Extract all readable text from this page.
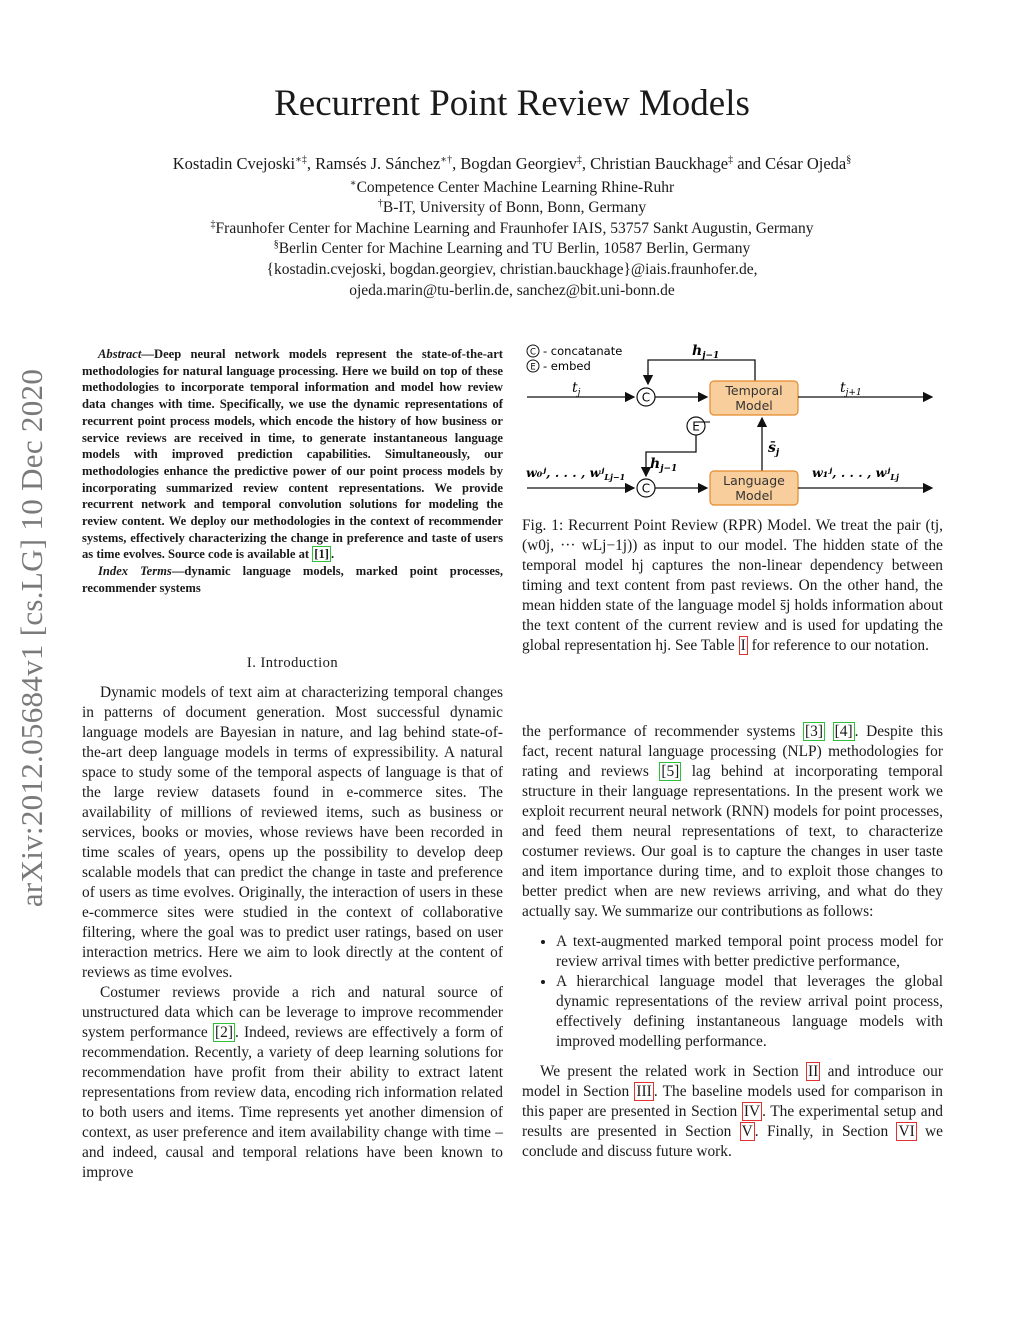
arXiv:2012.05684v1 [cs.LG] 10 Dec 2020
Recurrent Point Review Models
Kostadin Cvejoski∗‡, Ramsés J. Sánchez∗†, Bogdan Georgiev‡, Christian Bauckhage‡ and César Ojeda§
∗Competence Center Machine Learning Rhine-Ruhr
†B-IT, University of Bonn, Bonn, Germany
‡Fraunhofer Center for Machine Learning and Fraunhofer IAIS, 53757 Sankt Augustin, Germany
§Berlin Center for Machine Learning and TU Berlin, 10587 Berlin, Germany
{kostadin.cvejoski, bogdan.georgiev, christian.bauckhage}@iais.fraunhofer.de,
ojeda.marin@tu-berlin.de, sanchez@bit.uni-bonn.de

Abstract—Deep neural network models represent the state-of-the-art methodologies for natural language processing. Here we build on top of these methodologies to incorporate temporal information and model how review data changes with time. Specifically, we use the dynamic representations of recurrent point process models, which encode the history of how business or service reviews are received in time, to generate instantaneous language models with improved prediction capabilities. Simultaneously, our methodologies enhance the predictive power of our point process models by incorporating summarized review content representations. We provide recurrent network and temporal convolution solutions for modeling the review content. We deploy our methodologies in the context of recommender systems, effectively characterizing the change in preference and taste of users as time evolves. Source code is available at [1] .

Index Terms—dynamic language models, marked point processes, recommender systems

I. Introduction

Dynamic models of text aim at characterizing temporal changes in patterns of document generation. Most successful dynamic language models are Bayesian in nature, and lag behind state-of-the-art deep language models in terms of expressibility. A natural space to study some of the temporal aspects of language is that of the large review datasets found in e-commerce sites. The availability of millions of reviewed items, such as business or services, books or movies, whose reviews have been recorded in time scales of years, opens up the possibility to develop deep scalable models that can predict the change in taste and preference of users as time evolves. Originally, the interaction of users in these e-commerce sites were studied in the context of collaborative filtering, where the goal was to predict user ratings, based on user interaction metrics. Here we aim to look directly at the content of reviews as time evolves.

Costumer reviews provide a rich and natural source of unstructured data which can be leverage to improve recommender system performance [2] . Indeed, reviews are effectively a form of recommendation. Recently, a variety of deep learning solutions for recommendation have profit from their ability to extract latent representations from review data, encoding rich information related to both users and items. Time represents yet another dimension of context, as user preference and item availability change with time – and indeed, causal and temporal relations have been known to improve

C - concatanate
E - embed
$h_{j-1}$
$t_j$	C	Temporal
Model
$t_{j+1}$
E
$h_{j-1}$
$s̄_j$
w₀ʲ, . . . , wʲ$_{Lj-1}$
C
Language
Model
w₁ʲ, . . . , wʲ$_{Lj}$
Fig. 1: Recurrent Point Review (RPR) Model. We treat the pair (tj, (w0j, ··· wLj−1j)) as input to our model. The hidden state of the temporal model hj captures the non-linear dependency between timing and text content from past reviews. On the other hand, the mean hidden state of the language model s̄j holds information about the text content of the current review and is used for updating the global representation hj. See Table I for reference to our notation.

the performance of recommender systems [3] [4] . Despite this fact, recent natural language processing (NLP) methodologies for rating and reviews [5] lag behind at incorporating temporal structure in their language representations. In the present work we exploit recurrent neural network (RNN) models for point processes, and feed them neural representations of text, to characterize costumer reviews. Our goal is to capture the changes in user taste and item importance during time, and to exploit those changes to better predict when are new reviews arriving, and what do they actually say. We summarize our contributions as follows:

• A text-augmented marked temporal point process model for review arrival times with better predictive performance,
• A hierarchical language model that leverages the global dynamic representations of the review arrival point process, effectively defining instantaneous language models with improved modelling performance.

We present the related work in Section II and introduce our model in Section III . The baseline models used for comparison in this paper are presented in Section IV . The experimental setup and results are presented in Section V . Finally, in Section VI we conclude and discuss future work.
